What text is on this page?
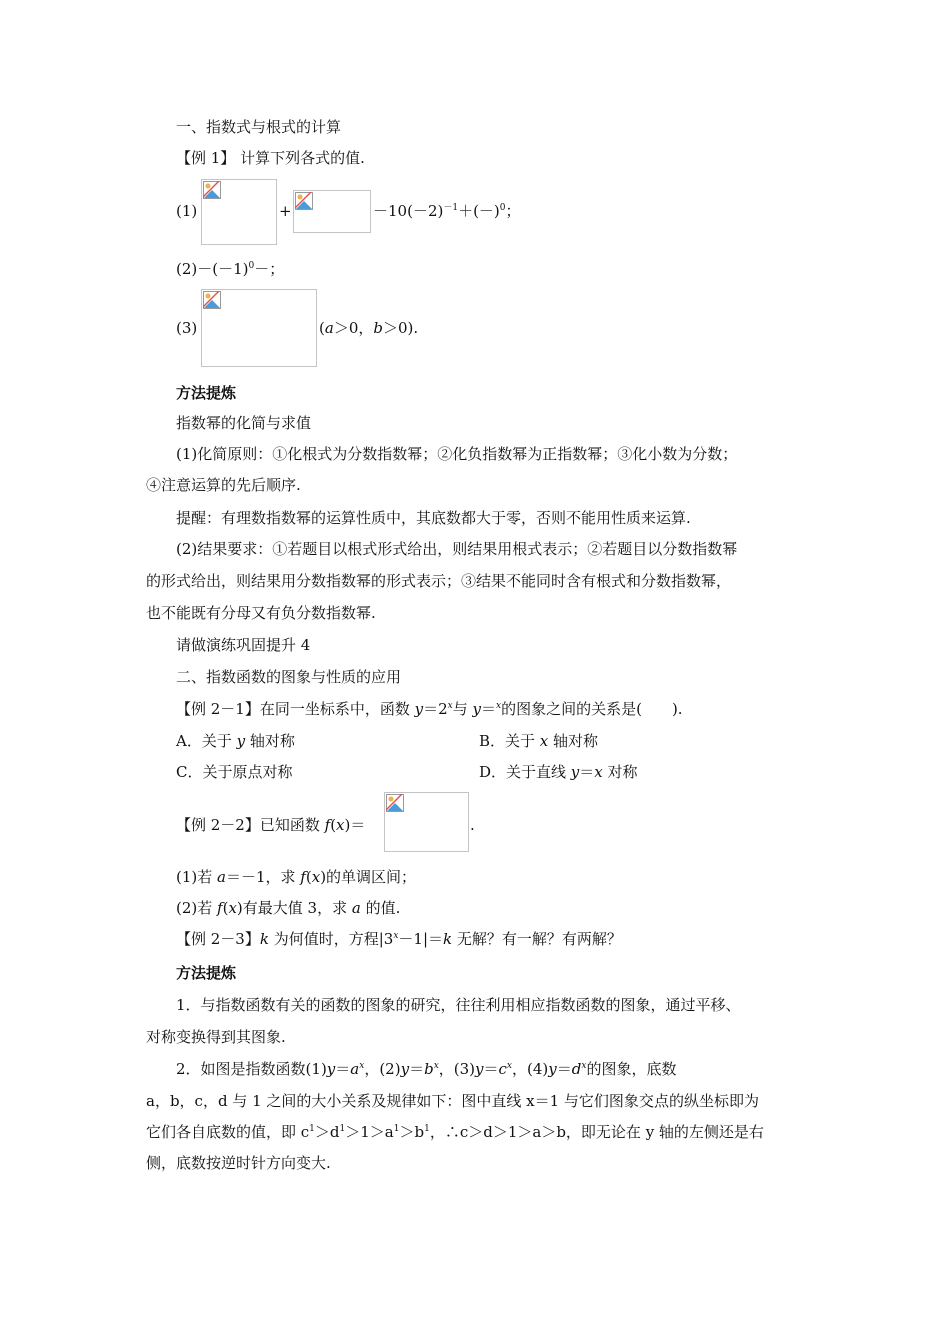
一、指数式与根式的计算
【例 1】 计算下列各式的值.
(1)	+	$-10(-2)^{-1}+(-)^0$；
$(2)-(-1)^0-$；
(3)	(a＞0，b＞0).
方法提炼
指数幂的化简与求值
(1)化简原则：①化根式为分数指数幂；②化负指数幂为正指数幂；③化小数为分数；
④注意运算的先后顺序.
提醒：有理数指数幂的运算性质中，其底数都大于零，否则不能用性质来运算.
(2)结果要求：①若题目以根式形式给出，则结果用根式表示；②若题目以分数指数幂
的形式给出，则结果用分数指数幂的形式表示；③结果不能同时含有根式和分数指数幂，
也不能既有分母又有负分数指数幂.
请做演练巩固提升 4
二、指数函数的图象与性质的应用
【例 2－1】在同一坐标系中，函数 $y=2^x$与 y＝$^x$的图象之间的关系是(　　).
A．关于 y 轴对称	B．关于 x 轴对称
C．关于原点对称	D．关于直线 y＝x 对称
【例 2－2】已知函数 f(x)＝	.
(1)若 a＝－1，求 f(x)的单调区间；
(2)若 f(x)有最大值 3，求 a 的值.
【例 2－3】k 为何值时，方程$|3^x-1|=k$ 无解？有一解？有两解？
方法提炼
1．与指数函数有关的函数的图象的研究，往往利用相应指数函数的图象，通过平移、
对称变换得到其图象.
2．如图是指数函数$(1)y=a^x$，$(2)y=b^x$，$(3)y=c^x$，$(4)y=d^x$的图象，底数
a，b，c，d 与 1 之间的大小关系及规律如下：图中直线 x＝1 与它们图象交点的纵坐标即为
它们各自底数的值，即 $c^1>d^1>1>a^1>b^1$，∴c＞d＞1＞a＞b，即无论在 y 轴的左侧还是右
侧，底数按逆时针方向变大.
